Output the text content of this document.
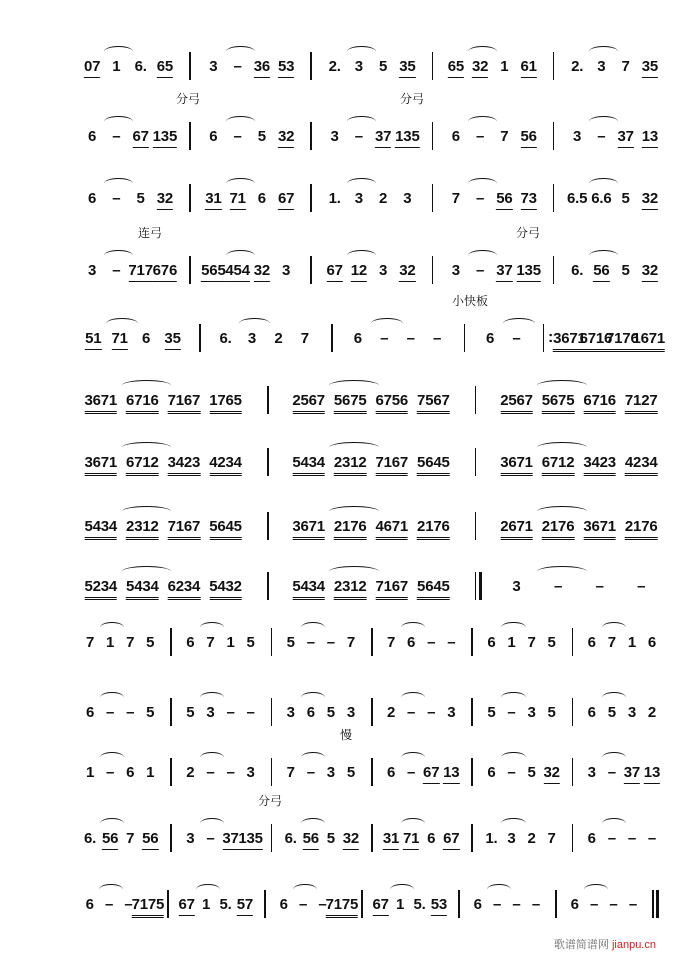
07 1 6. 65 3 – 36 53 2. 3 5 35 65 32 1 61 2. 3 7 35
6 – 67 135 6 – 5 32 3 – 37 135 6 – 7 56 3 – 37 13
6 – 5 32 31 71 6 67 1. 3 2 3	7 – 56 73 6.5 6.6 5 32
3 – 717 676 565 454 32 3 67 12 3 32 3 – 37 135 6. 56 5 32
51 71 6 35	6. 3 2 7	6 – – –	6 –
: 3671
6716
7176
1671
3671 6716 7167 1765	2567 5675 6756 7567	2567 5675 6716 7127
3671 6712 3423 4234	5434 2312 7167 5645	3671 6712 3423 4234
5434 2312 7167 5645	3671 2176 4671 2176	2671 2176 3671 2176
5234 5434 6234 5432	5434 2312 7167 5645	3 – – –
7 1 7 5 6 7 1 5 5 – – 7 7 6 – – 6 1 7 5 6 7 1 6
6 – – 5 5 3 – – 3 6 5 3 2 – – 3 5 – 3 5 6 5 3 2
1 – 6 1 2 – – 3 7 – 3 5 6 – 67 13 6 – 5 32 3 – 37 13
6. 56 7 56 3 – 37 135 6. 56 5 32 31 71 6 67 1. 3 2 7 6 – – –
6 – – 7175 67 1 5. 57 6 – – 7175 67 1 5. 53 6 – – – 6 – – –
分弓	分弓
连弓	分弓
小快板
慢
分弓
歌谱简谱网 jianpu.cn
